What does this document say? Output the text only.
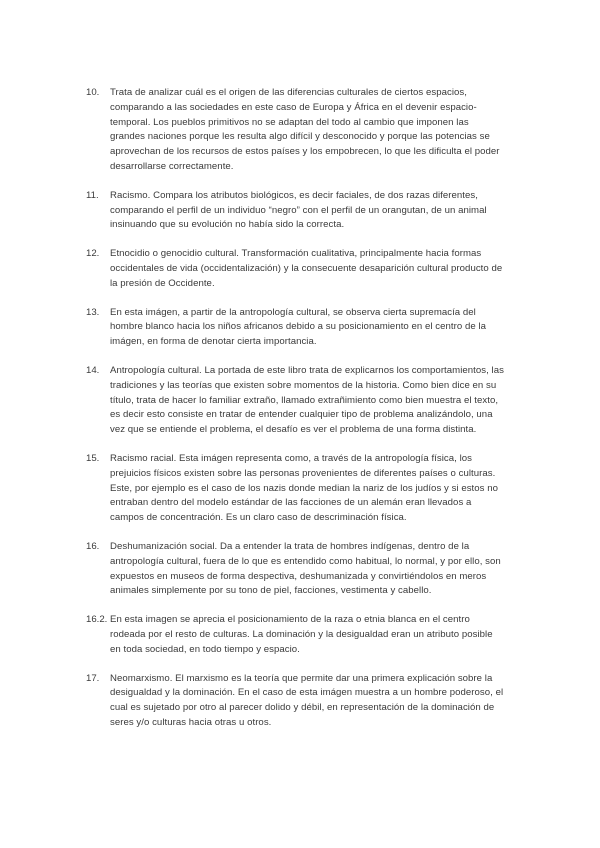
10.	Trata de analizar cuál es el origen de las diferencias culturales de ciertos espacios, comparando a las sociedades en este caso de Europa y África en el devenir espacio-temporal. Los pueblos primitivos no se adaptan del todo al cambio que imponen las grandes naciones porque les resulta algo difícil y desconocido y porque las potencias se aprovechan de los recursos de estos países y los empobrecen, lo que les dificulta el poder desarrollarse correctamente.
11.	Racismo. Compara los atributos biológicos, es decir faciales, de dos razas diferentes, comparando el perfil de un individuo “negro” con el perfil de un orangutan, de un animal insinuando que su evolución no había sido la correcta.
12.	Etnocidio o genocidio cultural. Transformación cualitativa, principalmente hacia formas occidentales de vida (occidentalización) y la consecuente desaparición cultural producto de la presión de Occidente.
13.	En esta imágen, a partir de la antropología cultural, se observa cierta supremacía del hombre blanco hacia los niños africanos debido a su posicionamiento en el centro de la imágen, en forma de denotar cierta importancia.
14.	Antropología cultural. La portada de este libro trata de explicarnos los comportamientos, las tradiciones y las teorías que existen sobre momentos de la historia. Como bien dice en su título, trata de hacer lo familiar extraño, llamado extrañimiento como bien muestra el texto, es decir esto consiste en tratar de entender cualquier tipo de problema analizándolo, una vez que se entiende el problema, el desafío es ver el problema de una forma distinta.
15.	Racismo racial. Esta imágen representa como, a través de la antropología física, los prejuicios físicos existen sobre las personas provenientes de diferentes países o culturas. Este, por ejemplo es el caso de los nazis donde median la nariz de los judíos y si estos no entraban dentro del modelo estándar de las facciones de un alemán eran llevados a campos de concentración. Es un claro caso de descriminación física.
16.	Deshumanización social. Da a entender la trata de hombres indígenas, dentro de la antropología cultural, fuera de lo que es entendido como habitual, lo normal, y por ello, son expuestos en museos de forma despectiva, deshumanizada y convirtiéndolos en meros animales simplemente por su tono de piel, facciones, vestimenta y cabello.
16.2. En esta imagen se aprecia el posicionamiento de la raza o etnia blanca en el centro rodeada por el resto de culturas. La dominación y la desigualdad eran un atributo posible en toda sociedad, en todo tiempo y espacio.
17.	Neomarxismo. El marxismo es la teoría que permite dar una primera explicación sobre la desigualdad y la dominación. En el caso de esta imágen muestra a un hombre poderoso, el cual es sujetado por otro al parecer dolido y débil, en representación de la dominación de seres y/o culturas hacia otras u otros.
